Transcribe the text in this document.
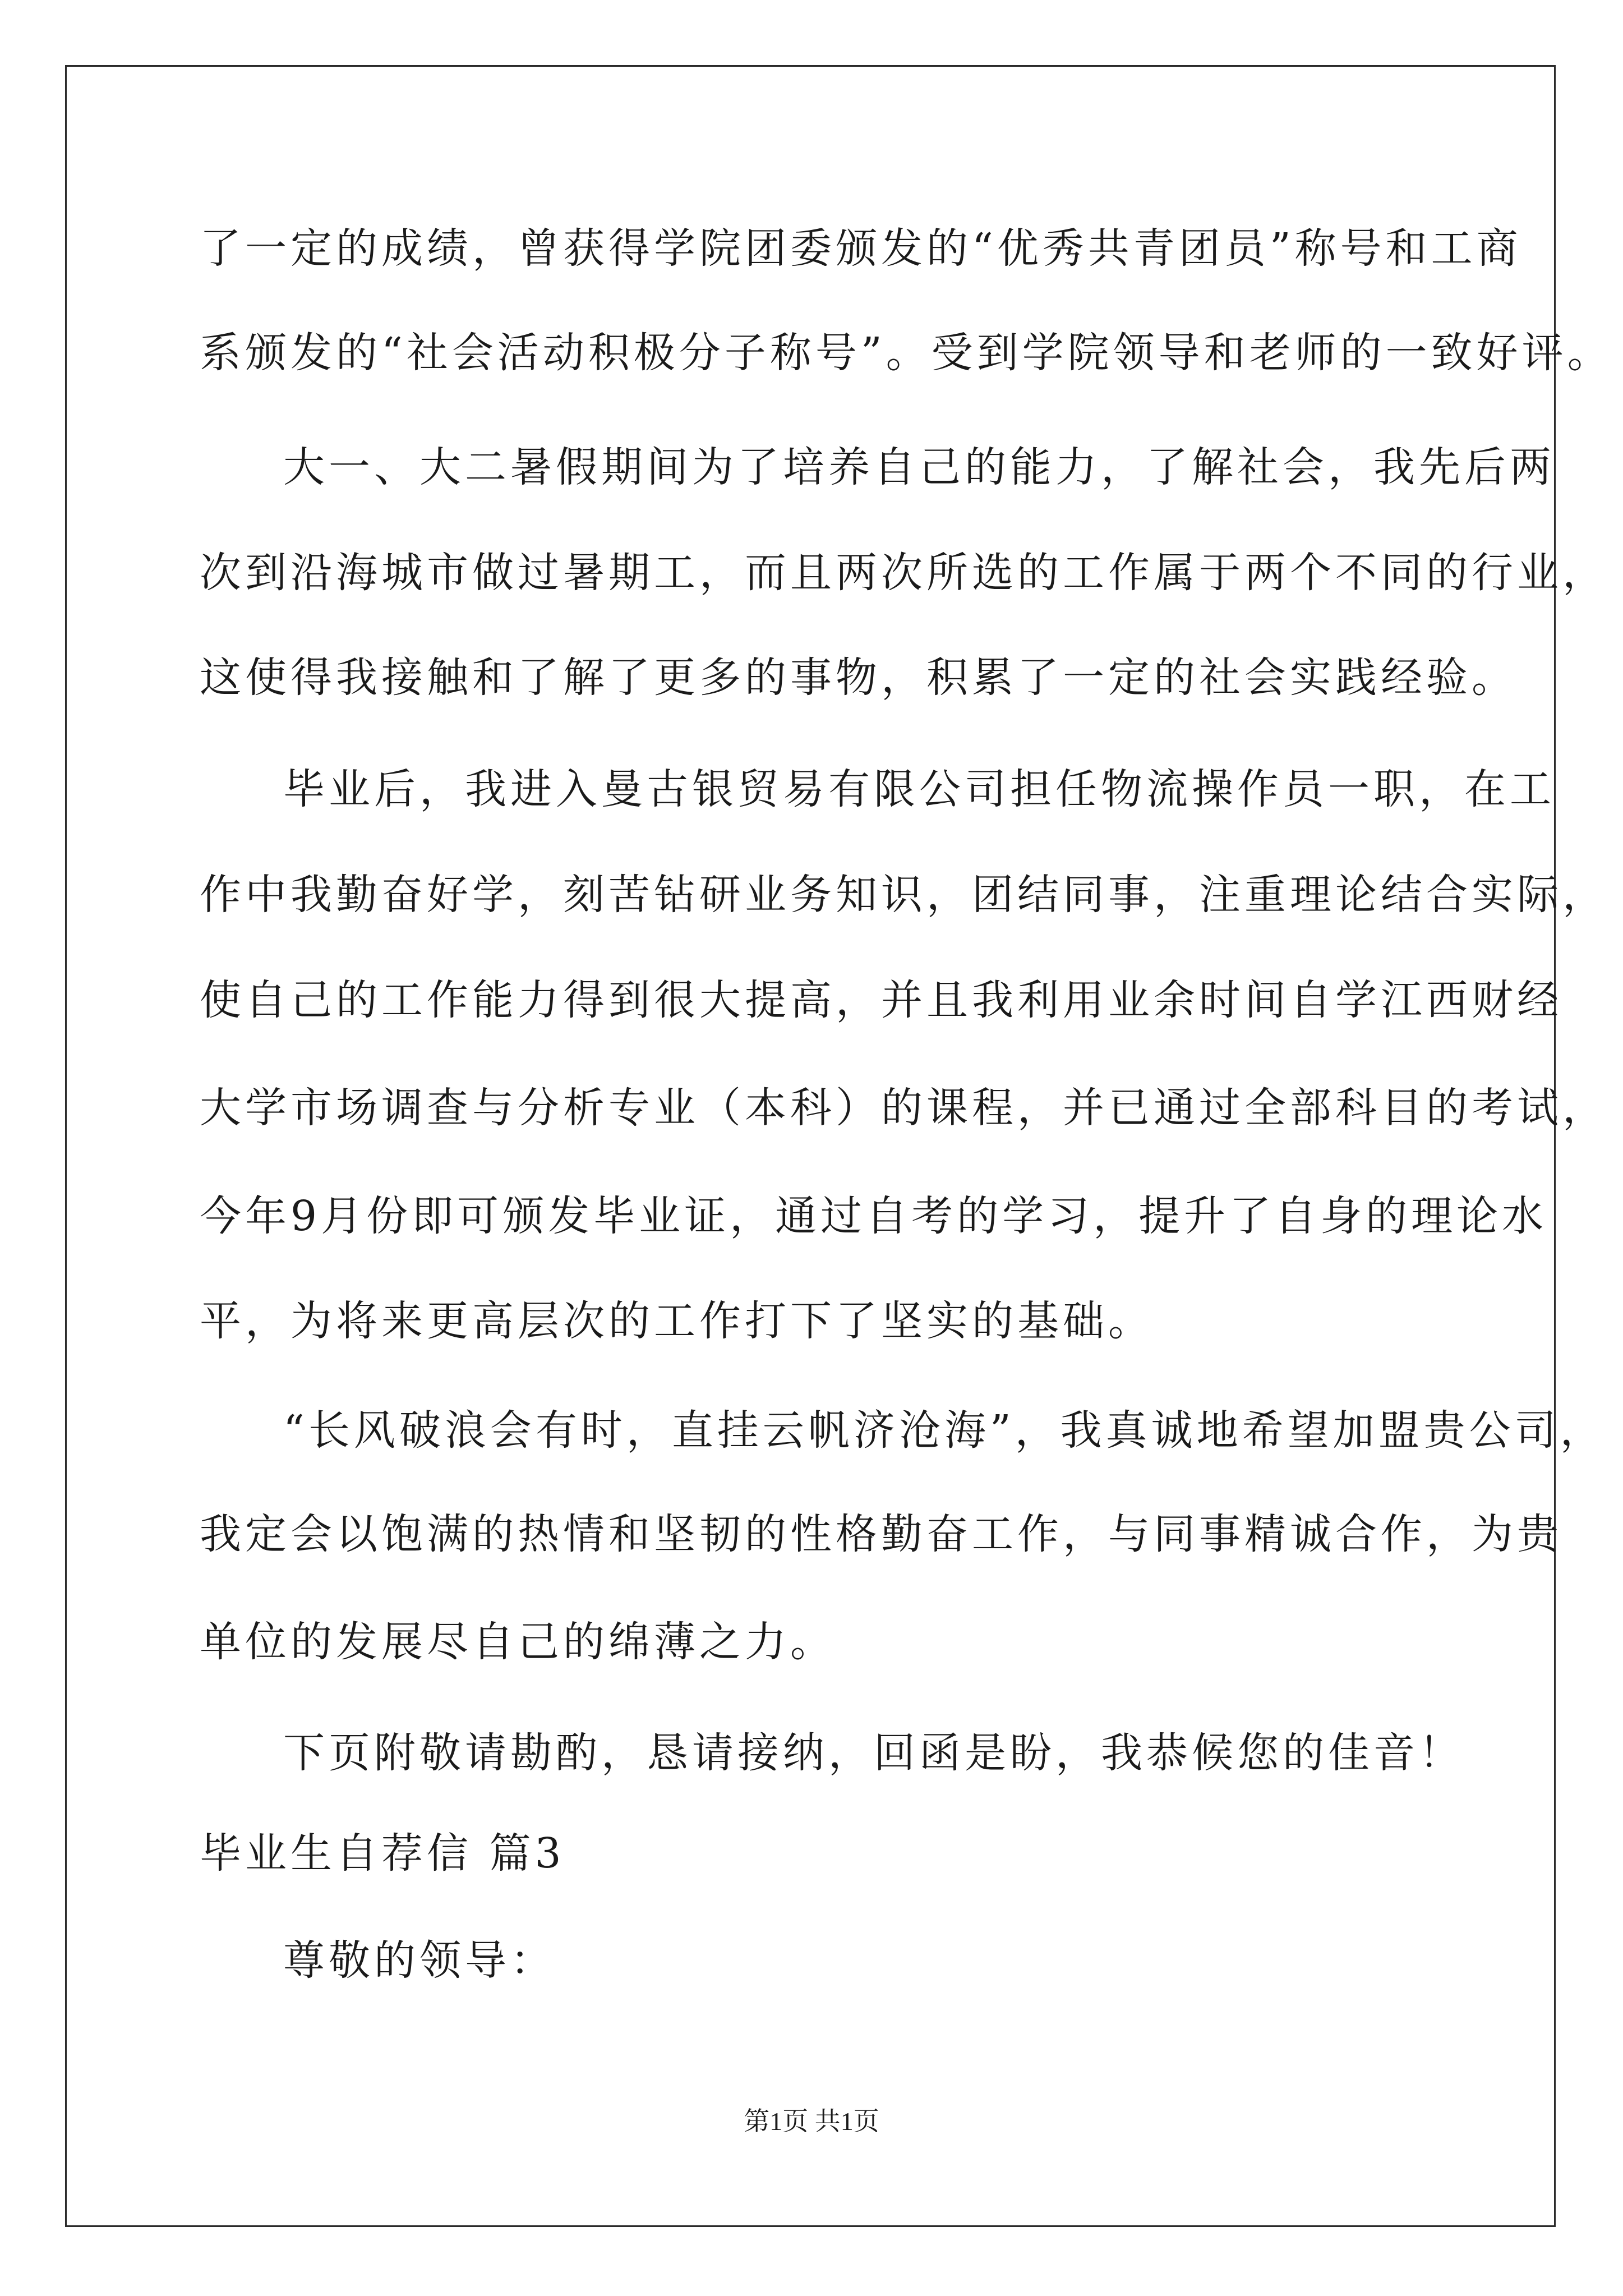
了一定的成绩，曾获得学院团委颁发的“优秀共青团员”称号和工商
系颁发的“社会活动积极分子称号”。受到学院领导和老师的一致好评。
大一、大二暑假期间为了培养自己的能力，了解社会，我先后两
次到沿海城市做过暑期工，而且两次所选的工作属于两个不同的行业，
这使得我接触和了解了更多的事物，积累了一定的社会实践经验。
毕业后，我进入曼古银贸易有限公司担任物流操作员一职，在工
作中我勤奋好学，刻苦钻研业务知识，团结同事，注重理论结合实际，
使自己的工作能力得到很大提高，并且我利用业余时间自学江西财经
大学市场调查与分析专业（本科）的课程，并已通过全部科目的考试，
今年9月份即可颁发毕业证，通过自考的学习，提升了自身的理论水
平，为将来更高层次的工作打下了坚实的基础。
“长风破浪会有时，直挂云帆济沧海”，我真诚地希望加盟贵公司，
我定会以饱满的热情和坚韧的性格勤奋工作，与同事精诚合作，为贵
单位的发展尽自己的绵薄之力。
下页附敬请勘酌，恳请接纳，回函是盼，我恭候您的佳音！
毕业生自荐信 篇3
尊敬的领导：
第1页 共1页
